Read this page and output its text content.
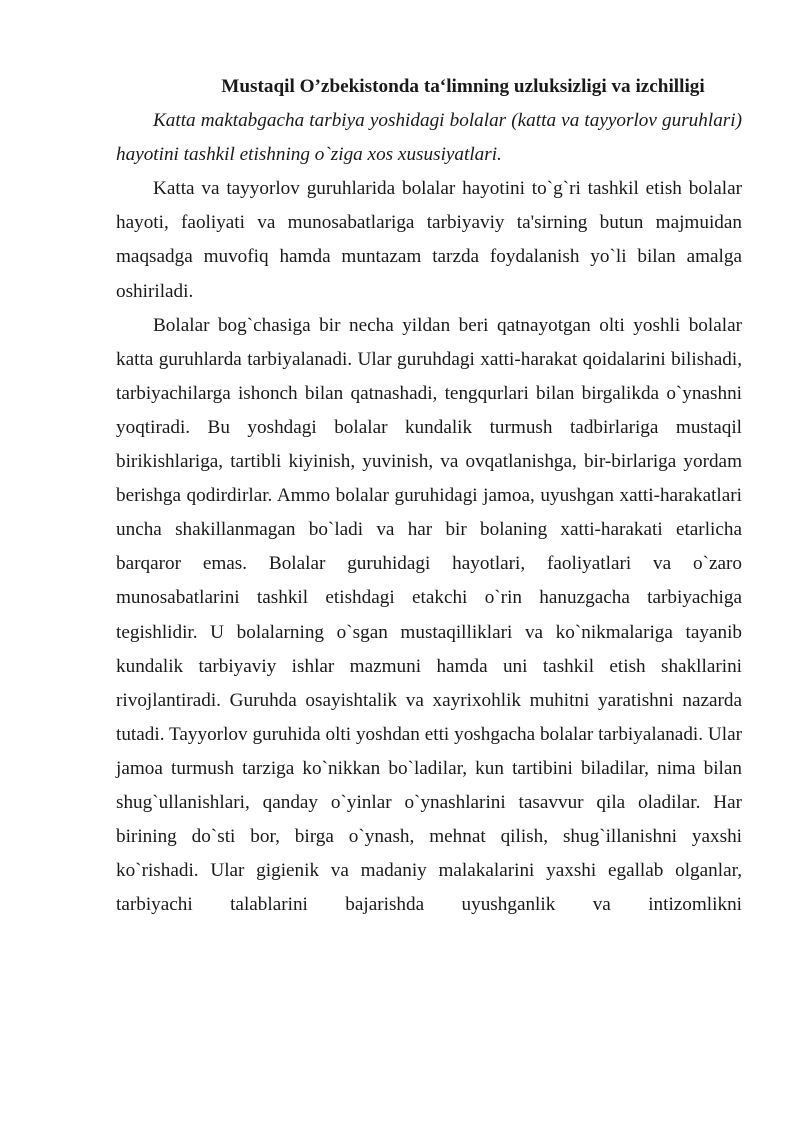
Mustaqil O’zbekistonda ta‘limning uzluksizligi va izchilligi

Katta maktabgacha tarbiya yoshidagi bolalar (katta va tayyorlov guruhlari) hayotini tashkil etishning o`ziga xos xususiyatlari.

Katta va tayyorlov guruhlarida bolalar hayotini to`g`ri tashkil etish bolalar hayoti, faoliyati va munosabatlariga tarbiyaviy ta'sirning butun majmuidan maqsadga muvofiq hamda muntazam tarzda foydalanish yo`li bilan amalga oshiriladi.

Bolalar bog`chasiga bir necha yildan beri qatnayotgan olti yoshli bolalar katta guruhlarda tarbiyalanadi. Ular guruhdagi xatti-harakat qoidalarini bilishadi, tarbiyachilarga ishonch bilan qatnashadi, tengqurlari bilan birgalikda o`ynashni yoqtiradi. Bu yoshdagi bolalar kundalik turmush tadbirlariga mustaqil birikishlariga, tartibli kiyinish, yuvinish, va ovqatlanishga, bir-birlariga yordam berishga qodirdirlar. Ammo bolalar guruhidagi jamoa, uyushgan xatti-harakatlari uncha shakillanmagan bo`ladi va har bir bolaning xatti-harakati etarlicha barqaror emas. Bolalar guruhidagi hayotlari, faoliyatlari va o`zaro munosabatlarini tashkil etishdagi etakchi o`rin hanuzgacha tarbiyachiga tegishlidir. U bolalarning o`sgan mustaqilliklari va ko`nikmalariga tayanib kundalik tarbiyaviy ishlar mazmuni hamda uni tashkil etish shakllarini rivojlantiradi. Guruhda osayishtalik va xayrixohlik muhitni yaratishni nazarda tutadi. Tayyorlov guruhida olti yoshdan etti yoshgacha bolalar tarbiyalanadi. Ular jamoa turmush tarziga ko`nikkan bo`ladilar, kun tartibini biladilar, nima bilan shug`ullanishlari, qanday o`yinlar o`ynashlarini tasavvur qila oladilar. Har birining do`sti bor, birga o`ynash, mehnat qilish, shug`illanishni yaxshi ko`rishadi. Ular gigienik va madaniy malakalarini yaxshi egallab olganlar, tarbiyachi talablarini bajarishda uyushganlik va intizomlikni
